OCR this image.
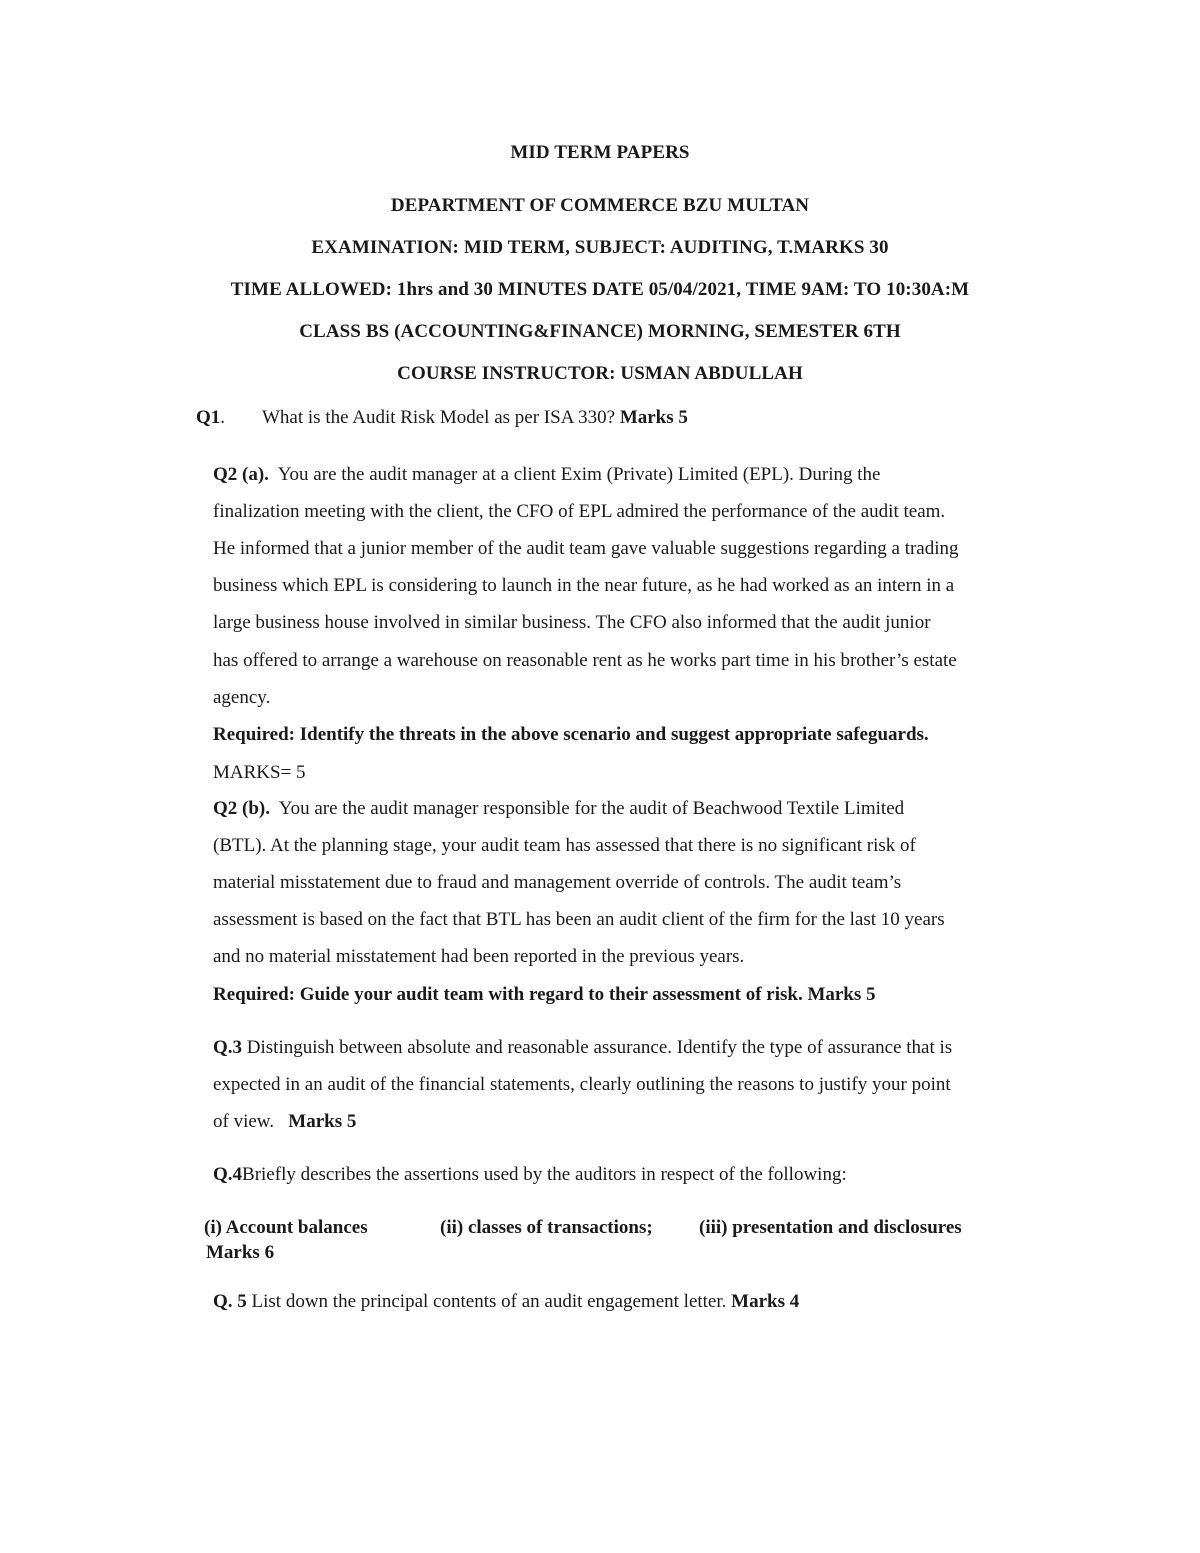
MID TERM PAPERS
DEPARTMENT OF COMMERCE BZU MULTAN
EXAMINATION: MID TERM, SUBJECT: AUDITING, T.MARKS 30
TIME ALLOWED: 1hrs and 30 MINUTES DATE 05/04/2021, TIME 9AM: TO 10:30A:M
CLASS BS (ACCOUNTING&FINANCE) MORNING, SEMESTER 6TH
COURSE INSTRUCTOR: USMAN ABDULLAH
Q1. What is the Audit Risk Model as per ISA 330? Marks 5
Q2 (a). You are the audit manager at a client Exim (Private) Limited (EPL). During the
finalization meeting with the client, the CFO of EPL admired the performance of the audit team.
He informed that a junior member of the audit team gave valuable suggestions regarding a trading
business which EPL is considering to launch in the near future, as he had worked as an intern in a
large business house involved in similar business. The CFO also informed that the audit junior
has offered to arrange a warehouse on reasonable rent as he works part time in his brother’s estate
agency.
Required: Identify the threats in the above scenario and suggest appropriate safeguards.
MARKS= 5
Q2 (b). You are the audit manager responsible for the audit of Beachwood Textile Limited
(BTL). At the planning stage, your audit team has assessed that there is no significant risk of
material misstatement due to fraud and management override of controls. The audit team’s
assessment is based on the fact that BTL has been an audit client of the firm for the last 10 years
and no material misstatement had been reported in the previous years.
Required: Guide your audit team with regard to their assessment of risk. Marks 5
Q.3 Distinguish between absolute and reasonable assurance. Identify the type of assurance that is
expected in an audit of the financial statements, clearly outlining the reasons to justify your point
of view. Marks 5
Q.4Briefly describes the assertions used by the auditors in respect of the following:
(i) Account balances	(ii) classes of transactions; (iii) presentation and disclosures
Marks 6
Q. 5 List down the principal contents of an audit engagement letter. Marks 4
